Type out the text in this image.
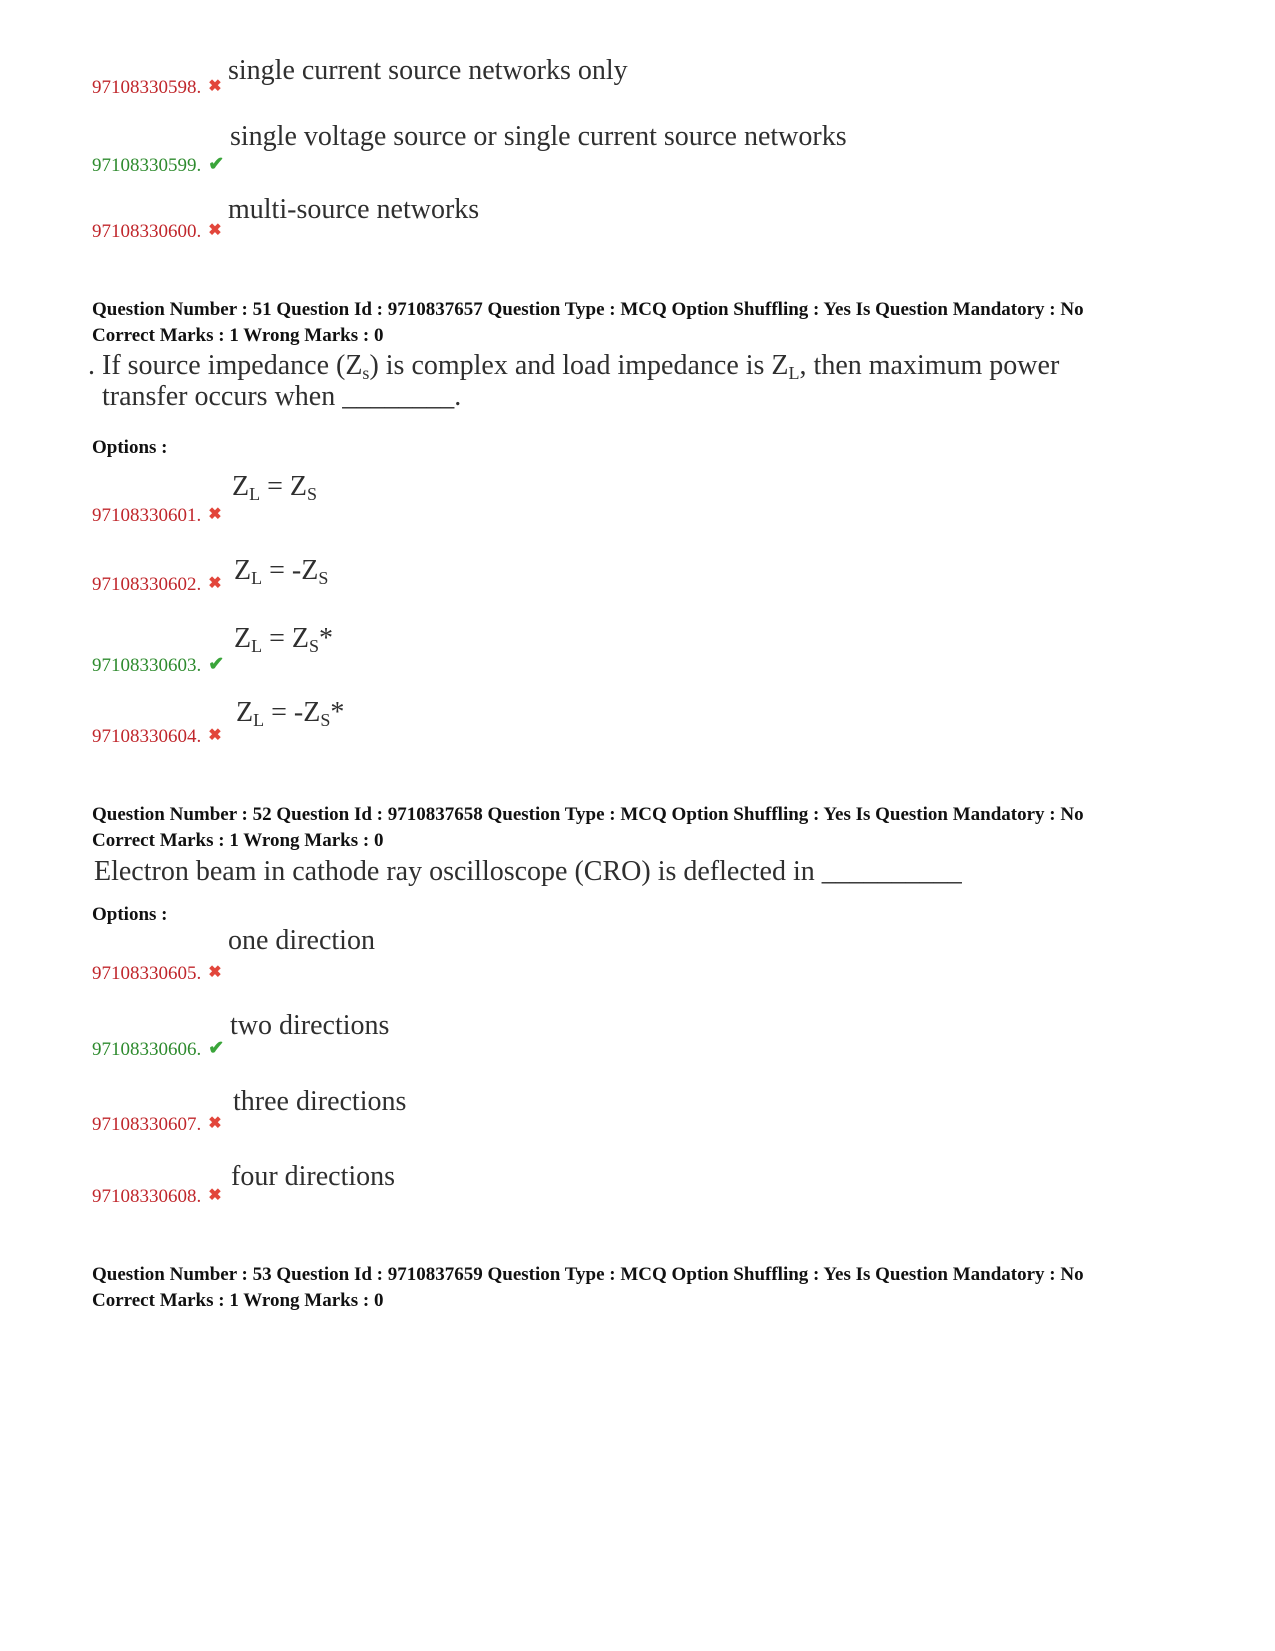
97108330598. ✖
single current source networks only
97108330599. ✔
single voltage source or single current source networks
97108330600. ✖
multi-source networks
Question Number : 51 Question Id : 9710837657 Question Type : MCQ Option Shuffling : Yes Is Question Mandatory : No
Correct Marks : 1 Wrong Marks : 0
. If source impedance $(Z_s)$ is complex and load impedance is $Z_L$, then maximum power
transfer occurs when ________.
Options :
97108330601. ✖
$Z_L = Z_S$
97108330602. ✖ $Z_L = -Z_S$
97108330603. ✔
$Z_L = Z_S*$
97108330604. ✖
$Z_L = -Z_S*$
Question Number : 52 Question Id : 9710837658 Question Type : MCQ Option Shuffling : Yes Is Question Mandatory : No
Correct Marks : 1 Wrong Marks : 0
Electron beam in cathode ray oscilloscope (CRO) is deflected in __________
Options :
97108330605. ✖
one direction
97108330606. ✔
two directions
97108330607. ✖
three directions
97108330608. ✖
four directions
Question Number : 53 Question Id : 9710837659 Question Type : MCQ Option Shuffling : Yes Is Question Mandatory : No
Correct Marks : 1 Wrong Marks : 0
